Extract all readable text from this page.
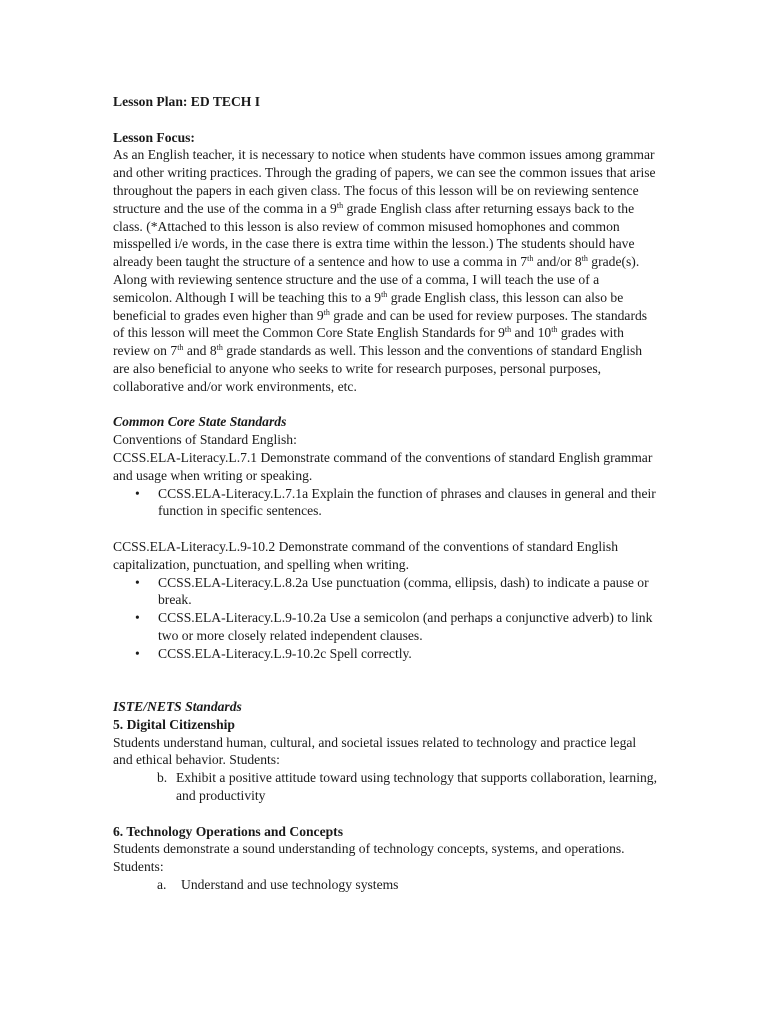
Lesson Plan: ED TECH I

Lesson Focus:

As an English teacher, it is necessary to notice when students have common issues among grammar and other writing practices. Through the grading of papers, we can see the common issues that arise throughout the papers in each given class. The focus of this lesson will be on reviewing sentence structure and the use of the comma in a 9th grade English class after returning essays back to the class. (*Attached to this lesson is also review of common misused homophones and common misspelled i/e words, in the case there is extra time within the lesson.) The students should have already been taught the structure of a sentence and how to use a comma in 7th and/or 8th grade(s). Along with reviewing sentence structure and the use of a comma, I will teach the use of a semicolon. Although I will be teaching this to a 9th grade English class, this lesson can also be beneficial to grades even higher than 9th grade and can be used for review purposes. The standards of this lesson will meet the Common Core State English Standards for 9th and 10th grades with review on 7th and 8th grade standards as well. This lesson and the conventions of standard English are also beneficial to anyone who seeks to write for research purposes, personal purposes, collaborative and/or work environments, etc.

Common Core State Standards

Conventions of Standard English:

CCSS.ELA-Literacy.L.7.1 Demonstrate command of the conventions of standard English grammar and usage when writing or speaking.

• CCSS.ELA-Literacy.L.7.1a Explain the function of phrases and clauses in general and their function in specific sentences.

CCSS.ELA-Literacy.L.9-10.2 Demonstrate command of the conventions of standard English capitalization, punctuation, and spelling when writing.

• CCSS.ELA-Literacy.L.8.2a Use punctuation (comma, ellipsis, dash) to indicate a pause or break.
• CCSS.ELA-Literacy.L.9-10.2a Use a semicolon (and perhaps a conjunctive adverb) to link two or more closely related independent clauses.
• CCSS.ELA-Literacy.L.9-10.2c Spell correctly.

ISTE/NETS Standards

5. Digital Citizenship

Students understand human, cultural, and societal issues related to technology and practice legal and ethical behavior. Students:

b. Exhibit a positive attitude toward using technology that supports collaboration, learning, and productivity

6. Technology Operations and Concepts

Students demonstrate a sound understanding of technology concepts, systems, and operations. Students:

a. Understand and use technology systems
